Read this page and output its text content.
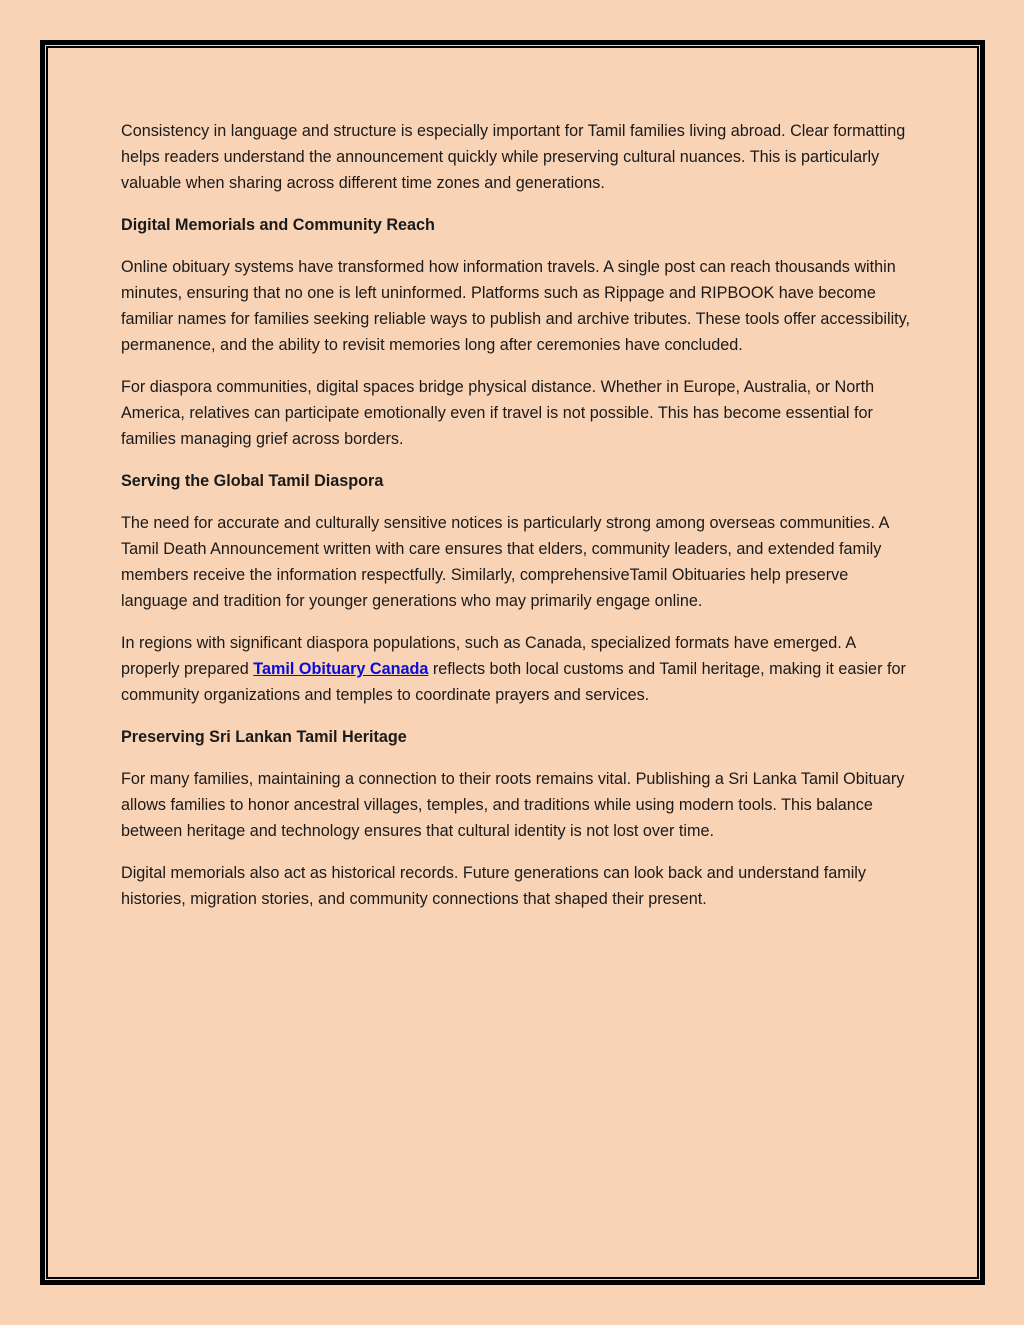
Consistency in language and structure is especially important for Tamil families living abroad. Clear formatting helps readers understand the announcement quickly while preserving cultural nuances. This is particularly valuable when sharing across different time zones and generations.

Digital Memorials and Community Reach

Online obituary systems have transformed how information travels. A single post can reach thousands within minutes, ensuring that no one is left uninformed. Platforms such as Rippage and RIPBOOK have become familiar names for families seeking reliable ways to publish and archive tributes. These tools offer accessibility, permanence, and the ability to revisit memories long after ceremonies have concluded.

For diaspora communities, digital spaces bridge physical distance. Whether in Europe, Australia, or North America, relatives can participate emotionally even if travel is not possible. This has become essential for families managing grief across borders.

Serving the Global Tamil Diaspora

The need for accurate and culturally sensitive notices is particularly strong among overseas communities. A Tamil Death Announcement written with care ensures that elders, community leaders, and extended family members receive the information respectfully. Similarly, comprehensiveTamil Obituaries help preserve language and tradition for younger generations who may primarily engage online.

In regions with significant diaspora populations, such as Canada, specialized formats have emerged. A properly prepared Tamil Obituary Canada reflects both local customs and Tamil heritage, making it easier for community organizations and temples to coordinate prayers and services.

Preserving Sri Lankan Tamil Heritage

For many families, maintaining a connection to their roots remains vital. Publishing a Sri Lanka Tamil Obituary allows families to honor ancestral villages, temples, and traditions while using modern tools. This balance between heritage and technology ensures that cultural identity is not lost over time.

Digital memorials also act as historical records. Future generations can look back and understand family histories, migration stories, and community connections that shaped their present.
